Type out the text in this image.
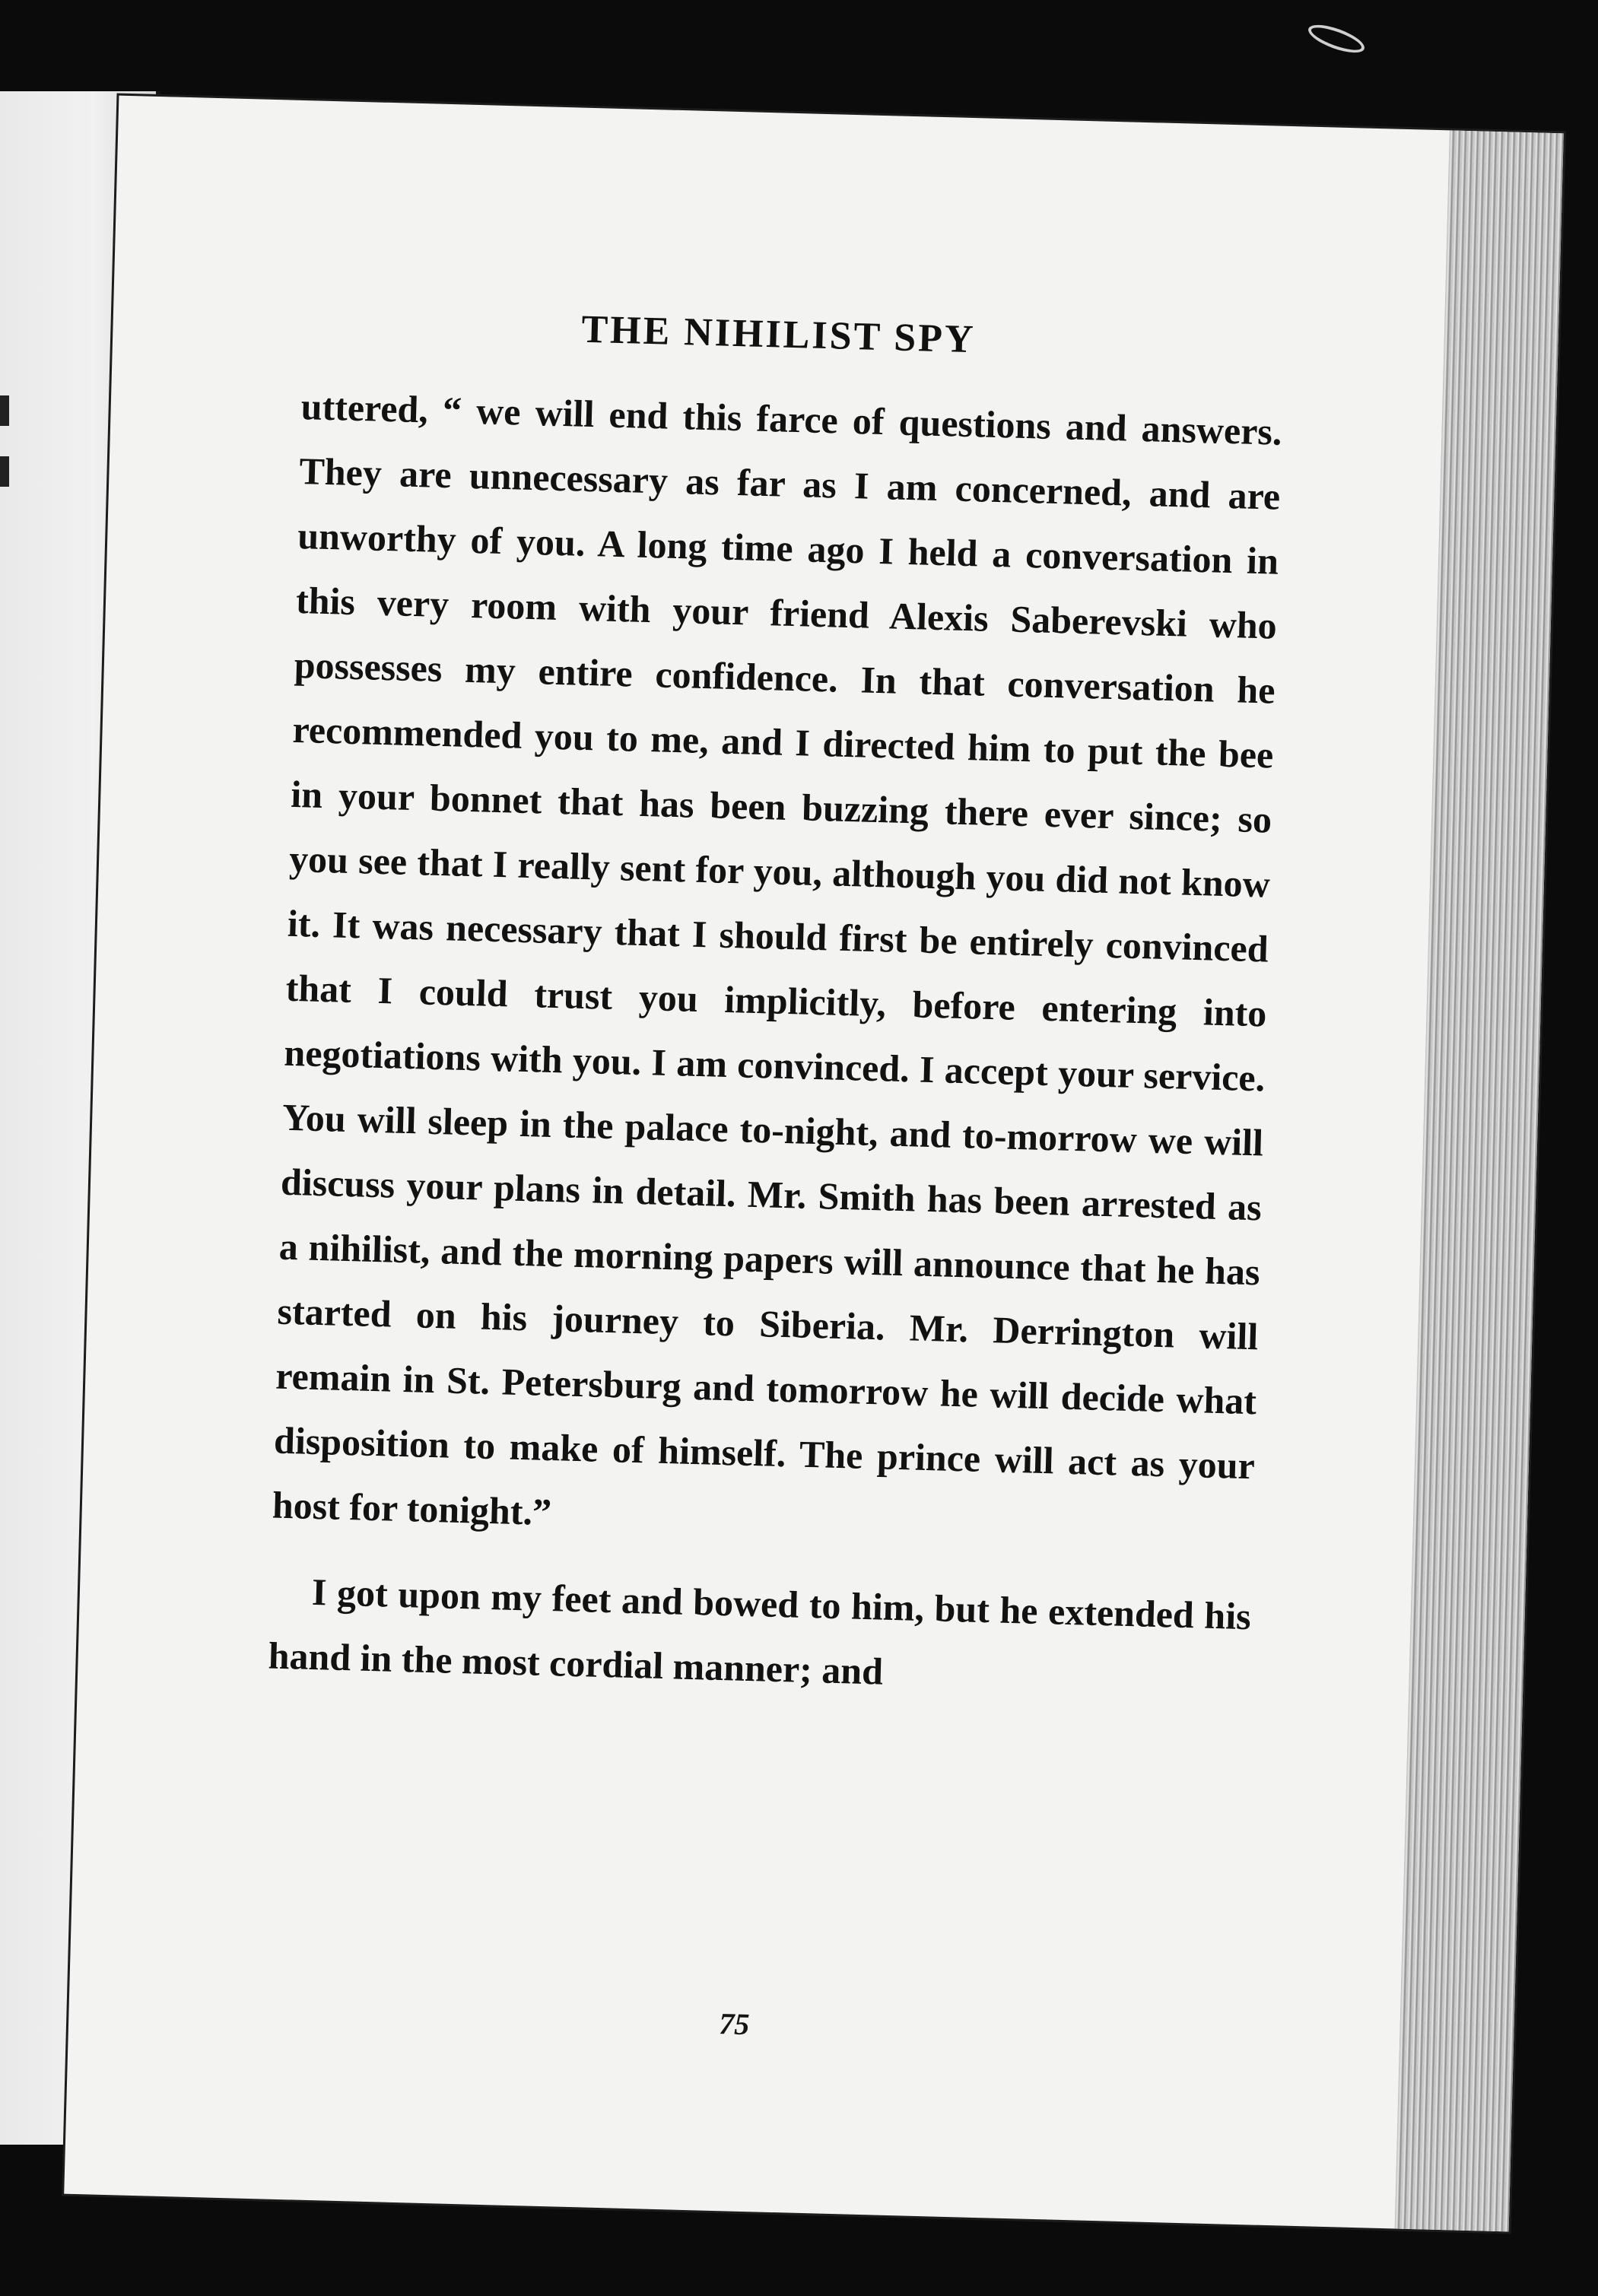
THE NIHILIST SPY

uttered, “ we will end this farce of questions and answers. They are unnecessary as far as I am concerned, and are unworthy of you. A long time ago I held a conversation in this very room with your friend Alexis Saberevski who possesses my entire confidence. In that conversation he recommended you to me, and I directed him to put the bee in your bonnet that has been buzzing there ever since; so you see that I really sent for you, although you did not know it. It was necessary that I should first be entirely convinced that I could trust you implicitly, before entering into negotiations with you. I am convinced. I accept your service. You will sleep in the palace to-night, and to-morrow we will discuss your plans in detail. Mr. Smith has been arrested as a nihilist, and the morning papers will announce that he has started on his journey to Siberia. Mr. Derrington will remain in St. Petersburg and tomorrow he will decide what disposition to make of himself. The prince will act as your host for tonight.”

I got upon my feet and bowed to him, but he extended his hand in the most cordial manner; and

75
